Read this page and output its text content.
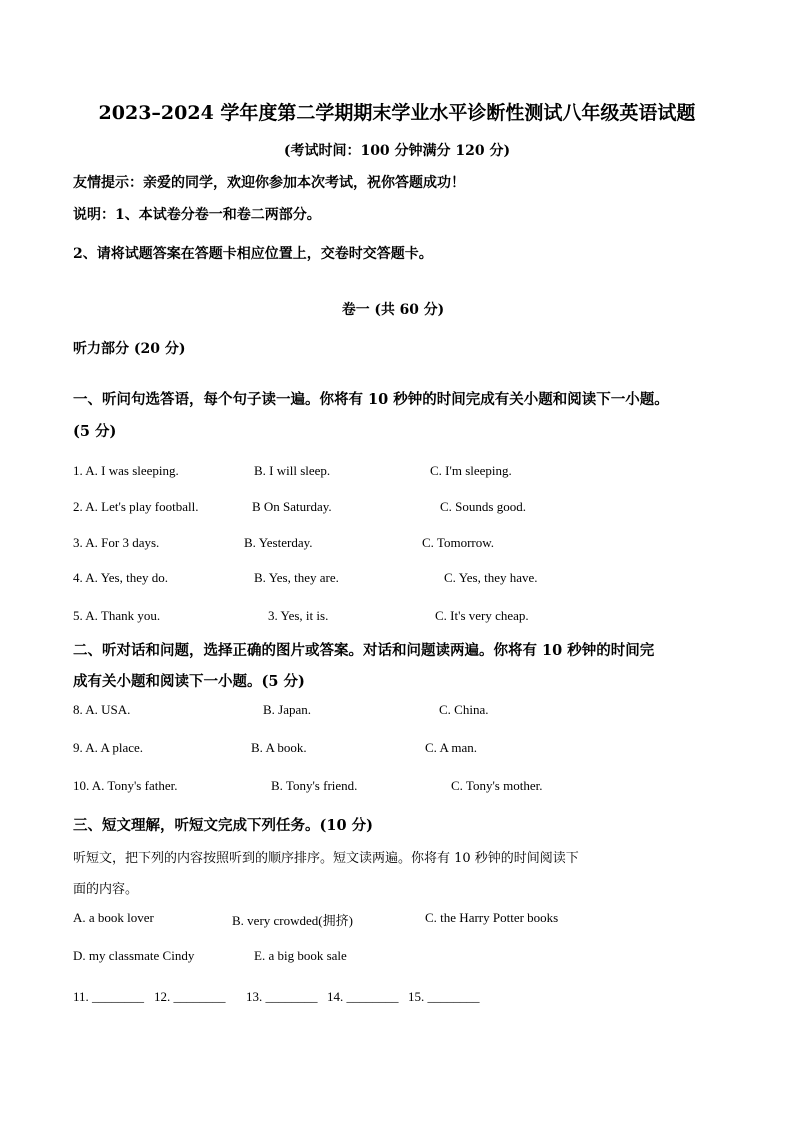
2023–2024 学年度第二学期期末学业水平诊断性测试八年级英语试题
(考试时间：100 分钟满分 120 分)
友情提示：亲爱的同学，欢迎你参加本次考试，祝你答题成功！
说明：1、本试卷分卷一和卷二两部分。
2、请将试题答案在答题卡相应位置上，交卷时交答题卡。
卷一 (共 60 分)
听力部分 (20 分)
一、听问句选答语，每个句子读一遍。你将有 10 秒钟的时间完成有关小题和阅读下一小题。
(5 分)
1. A. I was sleeping.	B. I will sleep.	C. I'm sleeping.
2. A. Let's play football.	B On Saturday.	C. Sounds good.
3. A. For 3 days.	B. Yesterday.	C. Tomorrow.
4. A. Yes, they do.	B. Yes, they are.	C. Yes, they have.
5. A. Thank you.	3. Yes, it is.	C. It's very cheap.
二、听对话和问题，选择正确的图片或答案。对话和问题读两遍。你将有 10 秒钟的时间完
成有关小题和阅读下一小题。(5 分)
8. A. USA.	B. Japan.	C. China.
9. A. A place.	B. A book.	C. A man.
10. A. Tony's father.	B. Tony's friend.	C. Tony's mother.
三、短文理解，听短文完成下列任务。(10 分)
听短文，把下列的内容按照听到的顺序排序。短文读两遍。你将有 10 秒钟的时间阅读下
面的内容。
A. a book lover	B. very crowded(拥挤)	C. the Harry Potter books
D. my classmate Cindy	E. a big book sale
11. ________ 12. ________ 13. ________ 14. ________ 15. ________
